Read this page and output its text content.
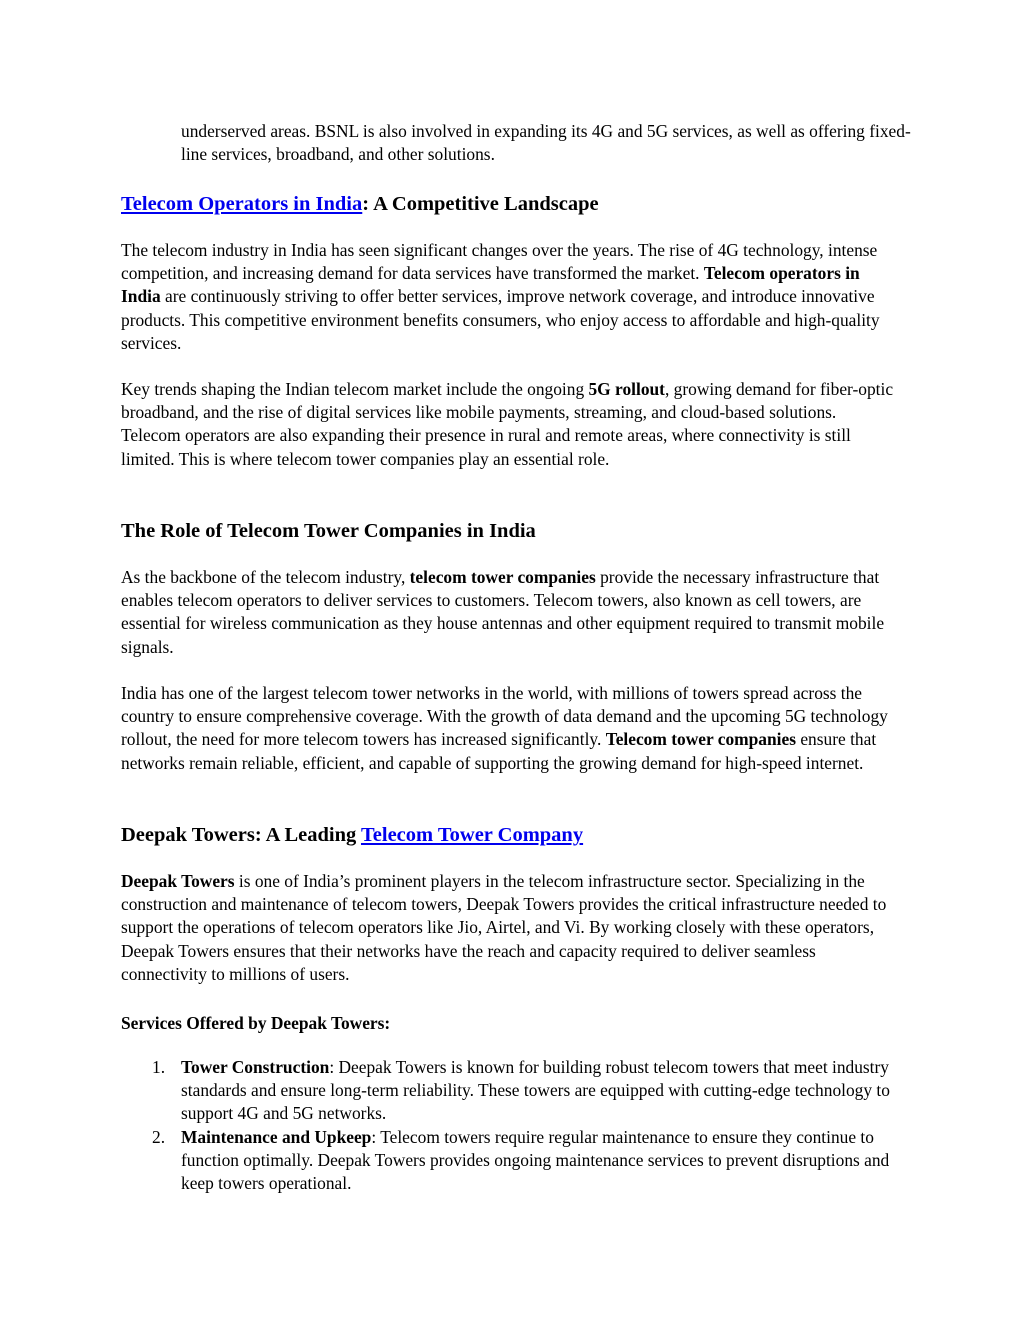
underserved areas. BSNL is also involved in expanding its 4G and 5G services, as well as offering fixed-line services, broadband, and other solutions.

Telecom Operators in India: A Competitive Landscape

The telecom industry in India has seen significant changes over the years. The rise of 4G technology, intense competition, and increasing demand for data services have transformed the market. Telecom operators in India are continuously striving to offer better services, improve network coverage, and introduce innovative products. This competitive environment benefits consumers, who enjoy access to affordable and high-quality services.

Key trends shaping the Indian telecom market include the ongoing 5G rollout, growing demand for fiber-optic broadband, and the rise of digital services like mobile payments, streaming, and cloud-based solutions. Telecom operators are also expanding their presence in rural and remote areas, where connectivity is still limited. This is where telecom tower companies play an essential role.

The Role of Telecom Tower Companies in India

As the backbone of the telecom industry, telecom tower companies provide the necessary infrastructure that enables telecom operators to deliver services to customers. Telecom towers, also known as cell towers, are essential for wireless communication as they house antennas and other equipment required to transmit mobile signals.

India has one of the largest telecom tower networks in the world, with millions of towers spread across the country to ensure comprehensive coverage. With the growth of data demand and the upcoming 5G technology rollout, the need for more telecom towers has increased significantly. Telecom tower companies ensure that networks remain reliable, efficient, and capable of supporting the growing demand for high-speed internet.

Deepak Towers: A Leading Telecom Tower Company

Deepak Towers is one of India’s prominent players in the telecom infrastructure sector. Specializing in the construction and maintenance of telecom towers, Deepak Towers provides the critical infrastructure needed to support the operations of telecom operators like Jio, Airtel, and Vi. By working closely with these operators, Deepak Towers ensures that their networks have the reach and capacity required to deliver seamless connectivity to millions of users.

Services Offered by Deepak Towers:
1. Tower Construction: Deepak Towers is known for building robust telecom towers that meet industry standards and ensure long-term reliability. These towers are equipped with cutting-edge technology to support 4G and 5G networks.
2. Maintenance and Upkeep: Telecom towers require regular maintenance to ensure they continue to function optimally. Deepak Towers provides ongoing maintenance services to prevent disruptions and keep towers operational.
